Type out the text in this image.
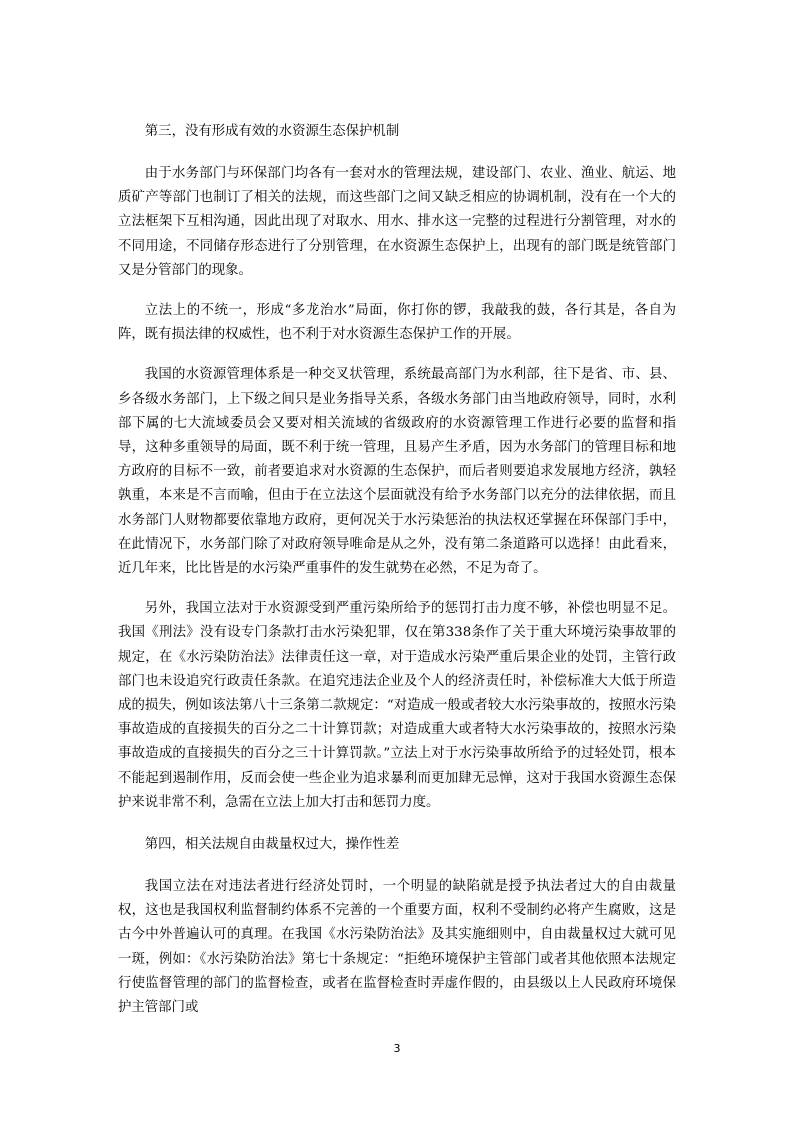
第三，没有形成有效的水资源生态保护机制

由于水务部门与环保部门均各有一套对水的管理法规，建设部门、农业、渔业、航运、地质矿产等部门也制订了相关的法规，而这些部门之间又缺乏相应的协调机制，没有在一个大的立法框架下互相沟通，因此出现了对取水、用水、排水这一完整的过程进行分割管理，对水的不同用途，不同储存形态进行了分别管理，在水资源生态保护上，出现有的部门既是统管部门又是分管部门的现象。

立法上的不统一，形成“多龙治水”局面，你打你的锣，我敲我的鼓，各行其是，各自为阵，既有损法律的权威性，也不利于对水资源生态保护工作的开展。

我国的水资源管理体系是一种交叉状管理，系统最高部门为水利部，往下是省、市、县、乡各级水务部门，上下级之间只是业务指导关系，各级水务部门由当地政府领导，同时，水利部下属的七大流域委员会又要对相关流域的省级政府的水资源管理工作进行必要的监督和指导，这种多重领导的局面，既不利于统一管理，且易产生矛盾，因为水务部门的管理目标和地方政府的目标不一致，前者要追求对水资源的生态保护，而后者则要追求发展地方经济，孰轻孰重，本来是不言而喻，但由于在立法这个层面就没有给予水务部门以充分的法律依据，而且水务部门人财物都要依靠地方政府，更何况关于水污染惩治的执法权还掌握在环保部门手中，在此情况下，水务部门除了对政府领导唯命是从之外，没有第二条道路可以选择！由此看来，近几年来，比比皆是的水污染严重事件的发生就势在必然，不足为奇了。

另外，我国立法对于水资源受到严重污染所给予的惩罚打击力度不够，补偿也明显不足。我国《刑法》没有设专门条款打击水污染犯罪，仅在第338条作了关于重大环境污染事故罪的规定，在《水污染防治法》法律责任这一章，对于造成水污染严重后果企业的处罚，主管行政部门也未设追究行政责任条款。在追究违法企业及个人的经济责任时，补偿标准大大低于所造成的损失，例如该法第八十三条第二款规定：“对造成一般或者较大水污染事故的，按照水污染事故造成的直接损失的百分之二十计算罚款；对造成重大或者特大水污染事故的，按照水污染事故造成的直接损失的百分之三十计算罚款。”立法上对于水污染事故所给予的过轻处罚，根本不能起到遏制作用，反而会使一些企业为追求暴利而更加肆无忌惮，这对于我国水资源生态保护来说非常不利，急需在立法上加大打击和惩罚力度。

第四，相关法规自由裁量权过大，操作性差

我国立法在对违法者进行经济处罚时，一个明显的缺陷就是授予执法者过大的自由裁量权，这也是我国权利监督制约体系不完善的一个重要方面，权利不受制约必将产生腐败，这是古今中外普遍认可的真理。在我国《水污染防治法》及其实施细则中，自由裁量权过大就可见一斑，例如：《水污染防治法》第七十条规定：“拒绝环境保护主管部门或者其他依照本法规定行使监督管理的部门的监督检查，或者在监督检查时弄虚作假的，由县级以上人民政府环境保护主管部门或

3
